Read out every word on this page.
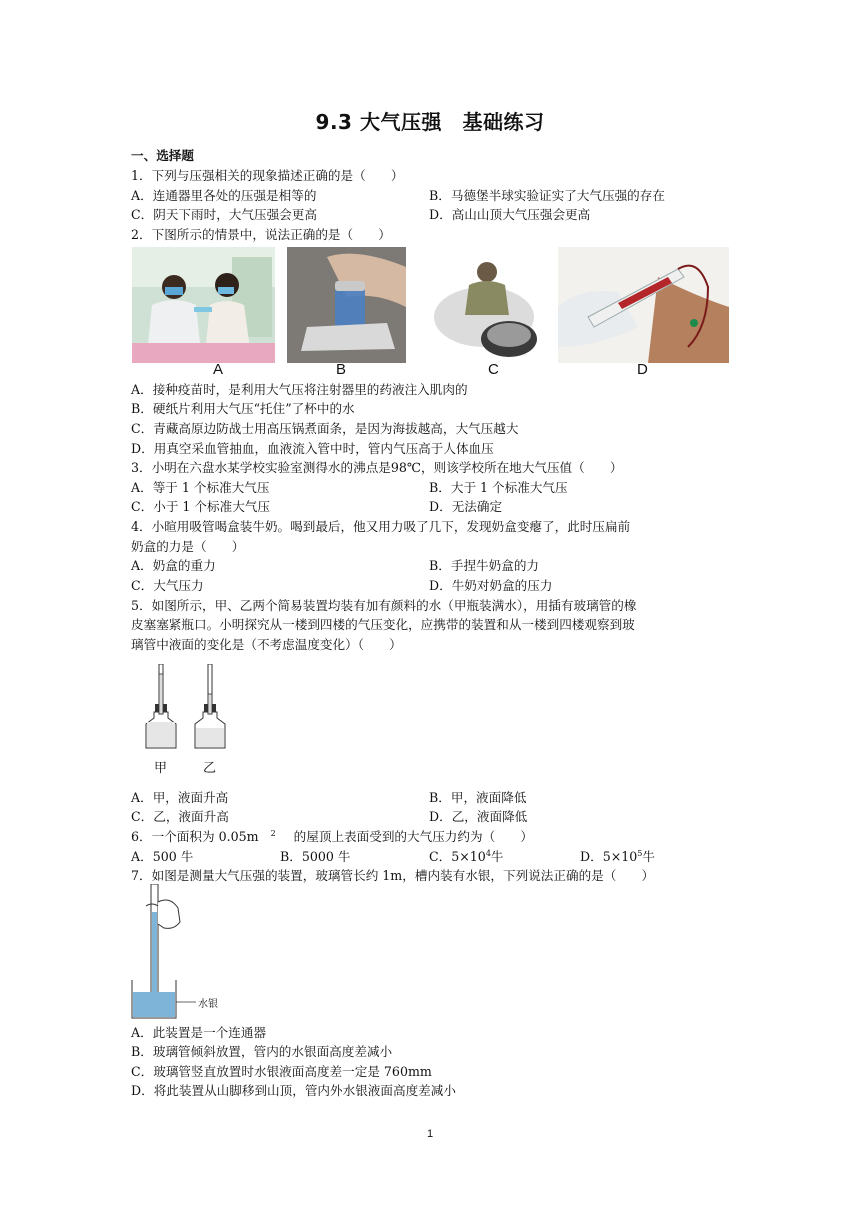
9.3 大气压强　基础练习
一、选择题
1．下列与压强相关的现象描述正确的是（　　）
A．连通器里各处的压强是相等的	B．马德堡半球实验证实了大气压强的存在
C．阴天下雨时，大气压强会更高	D．高山山顶大气压强会更高
2．下图所示的情景中，说法正确的是（　　）
A	B	C	D
A．接种疫苗时，是利用大气压将注射器里的药液注入肌肉的
B．硬纸片利用大气压“托住”了杯中的水
C．青藏高原边防战士用高压锅煮面条，是因为海拔越高，大气压越大
D．用真空采血管抽血，血液流入管中时，管内气压高于人体血压
3．小明在六盘水某学校实验室测得水的沸点是98℃，则该学校所在地大气压值（　　）
A．等于 1 个标准大气压	B．大于 1 个标准大气压
C．小于 1 个标准大气压	D．无法确定
4．小暄用吸管喝盒装牛奶。喝到最后，他又用力吸了几下，发现奶盒变瘪了，此时压扁前
奶盒的力是（　　）
A．奶盒的重力	B．手捏牛奶盒的力
C．大气压力	D．牛奶对奶盒的压力
5．如图所示，甲、乙两个简易装置均装有加有颜料的水（甲瓶装满水），用插有玻璃管的橡
皮塞塞紧瓶口。小明探究从一楼到四楼的气压变化，应携带的装置和从一楼到四楼观察到玻
璃管中液面的变化是（不考虑温度变化）（　　）
甲	乙
A．甲，液面升高	B．甲，液面降低
C．乙，液面升高	D．乙，液面降低
6．一个面积为 0.05m $^2$ 的屋顶上表面受到的大气压力约为（　　）
A．500 牛	B．5000 牛	C．$5\times 10^4$牛	D．$5\times 10^5$牛
7．如图是测量大气压强的装置，玻璃管长约 1m，槽内装有水银，下列说法正确的是（　　）
水银
A．此装置是一个连通器
B．玻璃管倾斜放置，管内的水银面高度差减小
C．玻璃管竖直放置时水银液面高度差一定是 760mm
D．将此装置从山脚移到山顶，管内外水银液面高度差减小
1
